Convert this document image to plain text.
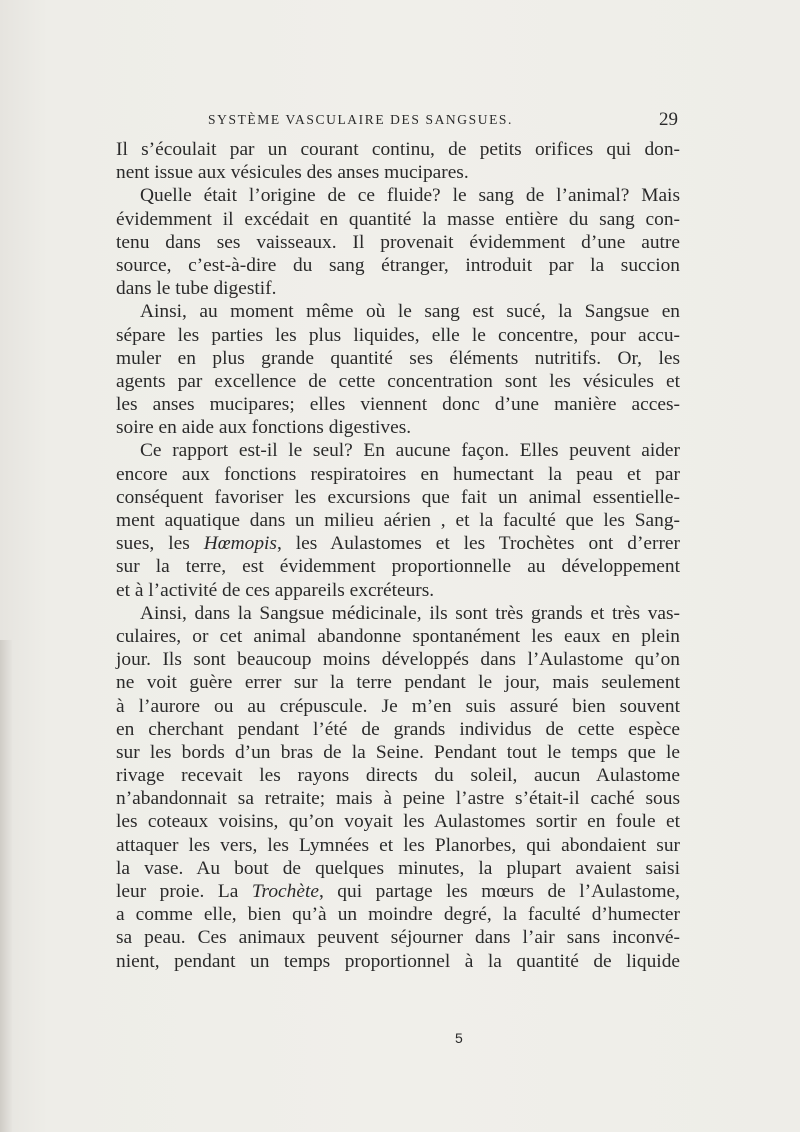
SYSTÈME VASCULAIRE DES SANGSUES.	29
Il s’écoulait par un courant continu, de petits orifices qui don-
nent issue aux vésicules des anses mucipares.
Quelle était l’origine de ce fluide? le sang de l’animal? Mais
évidemment il excédait en quantité la masse entière du sang con-
tenu dans ses vaisseaux. Il provenait évidemment d’une autre
source, c’est-à-dire du sang étranger, introduit par la succion
dans le tube digestif.
Ainsi, au moment même où le sang est sucé, la Sangsue en
sépare les parties les plus liquides, elle le concentre, pour accu-
muler en plus grande quantité ses éléments nutritifs. Or, les
agents par excellence de cette concentration sont les vésicules et
les anses mucipares; elles viennent donc d’une manière acces-
soire en aide aux fonctions digestives.
Ce rapport est-il le seul? En aucune façon. Elles peuvent aider
encore aux fonctions respiratoires en humectant la peau et par
conséquent favoriser les excursions que fait un animal essentielle-
ment aquatique dans un milieu aérien , et la faculté que les Sang-
sues, les Hœmopis, les Aulastomes et les Trochètes ont d’errer
sur la terre, est évidemment proportionnelle au développement
et à l’activité de ces appareils excréteurs.
Ainsi, dans la Sangsue médicinale, ils sont très grands et très vas-
culaires, or cet animal abandonne spontanément les eaux en plein
jour. Ils sont beaucoup moins développés dans l’Aulastome qu’on
ne voit guère errer sur la terre pendant le jour, mais seulement
à l’aurore ou au crépuscule. Je m’en suis assuré bien souvent
en cherchant pendant l’été de grands individus de cette espèce
sur les bords d’un bras de la Seine. Pendant tout le temps que le
rivage recevait les rayons directs du soleil, aucun Aulastome
n’abandonnait sa retraite; mais à peine l’astre s’était-il caché sous
les coteaux voisins, qu’on voyait les Aulastomes sortir en foule et
attaquer les vers, les Lymnées et les Planorbes, qui abondaient sur
la vase. Au bout de quelques minutes, la plupart avaient saisi
leur proie. La Trochète, qui partage les mœurs de l’Aulastome,
a comme elle, bien qu’à un moindre degré, la faculté d’humecter
sa peau. Ces animaux peuvent séjourner dans l’air sans inconvé-
nient, pendant un temps proportionnel à la quantité de liquide
5
